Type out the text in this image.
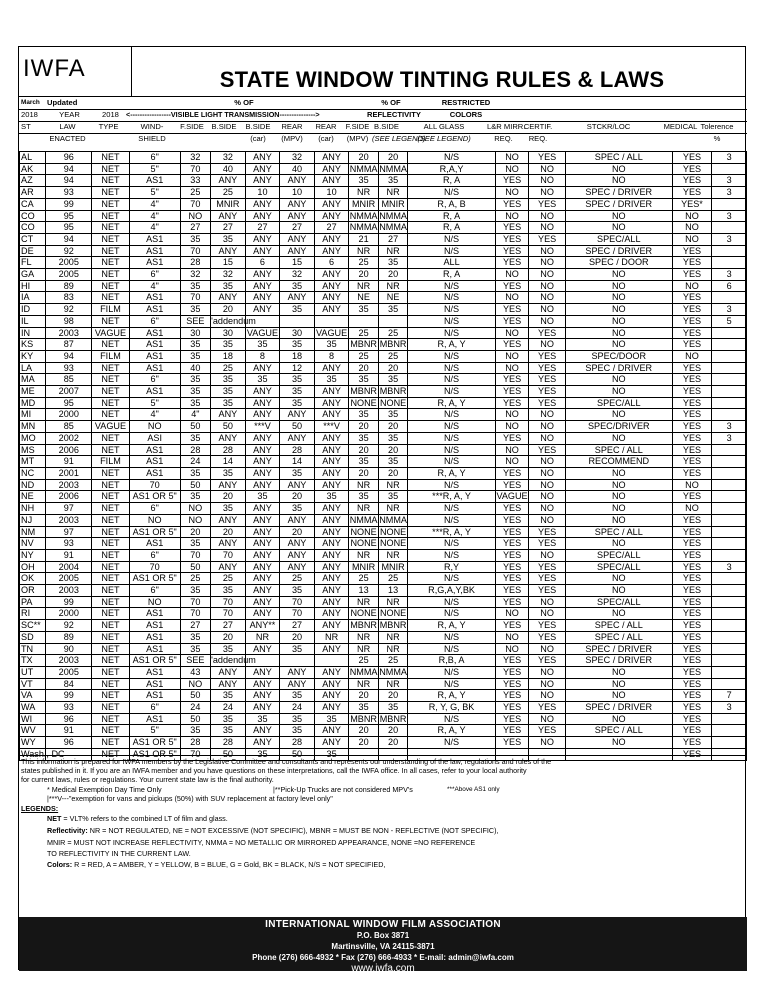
IWFA	STATE WINDOW TINTING RULES & LAWS
March Updated	% OF	% OF	RESTRICTED
2018	YEAR	2018 <-----------------VISIBLE LIGHT TRANSMISSION--------------->	REFLECTIVITY	COLORS
ST	LAW	TYPE	WIND-	F.SIDE	B.SIDE	B.SIDE	REAR	REAR	F.SIDE B.SIDE	ALL GLASS	L&R MIRR.
CERTIF.	STCKR/LOC	MEDICAL Tolerence
ENACTED	SHIELD	(car)	(MPV)	(car)	(MPV) (SEE LEGEND)
(SEE LEGEND)	REQ.	REQ.	%
AL	96	NET	6"	32	32	ANY	32	ANY	20	20	N/S	NO	YES	SPEC / ALL	YES	3
AK	94	NET	5"	70	40	ANY	40	ANY	NMMA	NMMA	R,A,Y	NO	NO	NO	YES	
AZ	94	NET	AS1	33	ANY	ANY	ANY	ANY	35	35	R, A	YES	NO	NO	YES	3
AR	93	NET	5"	25	25	10	10	10	NR	NR	N/S	NO	NO	SPEC / DRIVER	YES	3
CA	99	NET	4"	70	MNIR	ANY	ANY	ANY	MNIR	MNIR	R, A, B	YES	YES	SPEC / DRIVER	YES*	
CO	95	NET	4"	NO	ANY	ANY	ANY	ANY	NMMA	NMMA	R, A	NO	NO	NO	NO	3
CO	95	NET	4"	27	27	27	27	27	NMMA	NMMA	R, A	YES	NO	NO	NO	
CT	94	NET	AS1	35	35	ANY	ANY	ANY	21	27	N/S	YES	YES	SPEC/ALL	NO	3
DE	92	NET	AS1	70	ANY	ANY	ANY	ANY	NR	NR	N/S	YES	NO	SPEC / DRIVER	YES	
FL	2005	NET	AS1	28	15	6	15	6	25	35	ALL	YES	NO	SPEC / DOOR	YES	
GA	2005	NET	6"	32	32	ANY	32	ANY	20	20	R, A	NO	NO	NO	YES	3
HI	89	NET	4"	35	35	ANY	35	ANY	NR	NR	N/S	YES	NO	NO	NO	6
IA	83	NET	AS1	70	ANY	ANY	ANY	ANY	NE	NE	N/S	NO	NO	NO	YES	
ID	92	FILM	AS1	35	20	ANY	35	ANY	35	35	N/S	YES	NO	NO	YES	3
IL	98	NET	6"	SEE	'addendum						N/S	YES	NO	NO	YES	5
IN	2003	VAGUE	AS1	30	30	VAGUE	30	VAGUE	25	25	N/S	NO	YES	NO	YES	
KS	87	NET	AS1	35	35	35	35	35	MBNR	MBNR	R, A, Y	YES	NO	NO	YES	
KY	94	FILM	AS1	35	18	8	18	8	25	25	N/S	NO	YES	SPEC/DOOR	NO	
LA	93	NET	AS1	40	25	ANY	12	ANY	20	20	N/S	NO	YES	SPEC / DRIVER	YES	
MA	85	NET	6"	35	35	35	35	35	35	35	N/S	YES	YES	NO	YES	
ME	2007	NET	AS1	35	35	ANY	35	ANY	MBNR	MBNR	N/S	YES	YES	NO	YES	
MD	95	NET	5"	35	35	ANY	35	ANY	NONE	NONE	R, A, Y	YES	YES	SPEC/ALL	YES	
MI	2000	NET	4"	4"	ANY	ANY	ANY	ANY	35	35	N/S	NO	NO	NO	YES	
MN	85	VAGUE	NO	50	50	***V	50	***V	20	20	N/S	NO	NO	SPEC/DRIVER	YES	3
MO	2002	NET	ASI	35	ANY	ANY	ANY	ANY	35	35	N/S	YES	NO	NO	YES	3
MS	2006	NET	AS1	28	28	ANY	28	ANY	20	20	N/S	NO	YES	SPEC / ALL	YES	
MT	91	FILM	AS1	24	14	ANY	14	ANY	35	35	N/S	NO	NO	RECOMMEND	YES	
NC	2001	NET	AS1	35	35	ANY	35	ANY	20	20	R, A, Y	YES	NO	NO	YES	
ND	2003	NET	70	50	ANY	ANY	ANY	ANY	NR	NR	N/S	YES	NO	NO	NO	
NE	2006	NET	AS1 OR 5"	35	20	35	20	35	35	35	***R, A, Y	VAGUE	NO	NO	YES	
NH	97	NET	6"	NO	35	ANY	35	ANY	NR	NR	N/S	YES	NO	NO	NO	
NJ	2003	NET	NO	NO	ANY	ANY	ANY	ANY	NMMA	NMMA	N/S	YES	NO	NO	YES	
NM	97	NET	AS1 OR 5"	20	20	ANY	20	ANY	NONE	NONE	***R, A, Y	YES	YES	SPEC / ALL	YES	
NV	93	NET	AS1	35	ANY	ANY	ANY	ANY	NONE	NONE	N/S	YES	YES	NO	YES	
NY	91	NET	6"	70	70	ANY	ANY	ANY	NR	NR	N/S	YES	NO	SPEC/ALL	YES	
OH	2004	NET	70	50	ANY	ANY	ANY	ANY	MNIR	MNIR	R,Y	YES	YES	SPEC/ALL	YES	3
OK	2005	NET	AS1 OR 5"	25	25	ANY	25	ANY	25	25	N/S	YES	YES	NO	YES	
OR	2003	NET	6"	35	35	ANY	35	ANY	13	13	R,G,A,Y,BK	YES	YES	NO	YES	
PA	99	NET	NO	70	70	ANY	70	ANY	NR	NR	N/S	YES	NO	SPEC/ALL	YES	
RI	2000	NET	AS1	70	70	ANY	70	ANY	NONE	NONE	N/S	NO	NO	NO	YES	
SC**	92	NET	AS1	27	27	ANY**	27	ANY	MBNR	MBNR	R, A, Y	YES	YES	SPEC / ALL	YES	
SD	89	NET	AS1	35	20	NR	20	NR	NR	NR	N/S	NO	YES	SPEC / ALL	YES	
TN	90	NET	AS1	35	35	ANY	35	ANY	NR	NR	N/S	NO	NO	SPEC / DRIVER	YES	
TX	2003	NET	AS1 OR 5"	SEE	'addendum				25	25	R,B, A	YES	YES	SPEC / DRIVER	YES	
UT	2005	NET	AS1	43	ANY	ANY	ANY	ANY	NMMA	NMMA	N/S	YES	NO	NO	YES	
VT	84	NET	AS1	NO	ANY	ANY	ANY	ANY	NR	NR	N/S	YES	NO	NO	YES	
VA	99	NET	AS1	50	35	ANY	35	ANY	20	20	R, A, Y	YES	NO	NO	YES	7
WA	93	NET	6"	24	24	ANY	24	ANY	35	35	R, Y, G, BK	YES	YES	SPEC / DRIVER	YES	3
WI	96	NET	AS1	50	35	35	35	35	MBNR	MBNR	N/S	YES	NO	NO	YES	
WV	91	NET	5"	35	35	ANY	35	ANY	20	20	R, A, Y	YES	YES	SPEC / ALL	YES	
WY	96	NET	AS1 OR 5"	28	28	ANY	28	ANY	20	20	N/S	YES	NO	NO	YES	
Wash., DC		NET	AS1 OR 5"	70	50	35	50	35							YES	
This information is prepared for IWFA members by the Legislative Committee and consultants and represents our understanding of the law, regulations and rules of the
states published in it. If you are an IWFA member and you have questions on these interpretations, call the IWFA office. In all cases, refer to your local authority
for current laws, rules or regulations. Your current state law is the final authority.
* Medical Exemption Day Time Only	|**Pick-Up Trucks are not considered MPV's	***Above AS1 only
|***V---"exemption for vans and pickups (50%) with SUV replacement at factory level only"
LEGENDS:
NET = VLT% refers to the combined LT of film and glass.
Reflectivity: NR = NOT REGULATED, NE = NOT EXCESSIVE (NOT SPECIFIC), MBNR = MUST BE NON - REFLECTIVE (NOT SPECIFIC),
MNIR = MUST NOT INCREASE REFLECTIVITY, NMMA = NO METALLIC OR MIRRORED APPEARANCE, NONE =NO REFERENCE
TO REFLECTIVITY IN THE CURRENT LAW.
Colors: R = RED, A = AMBER, Y = YELLOW, B = BLUE, G = Gold, BK = BLACK, N/S = NOT SPECIFIED,
INTERNATIONAL WINDOW FILM ASSOCIATION
P.O. Box 3871
Martinsville, VA 24115-3871
Phone (276) 666-4932 * Fax (276) 666-4933 * E-mail: admin@iwfa.com
www.iwfa.com
